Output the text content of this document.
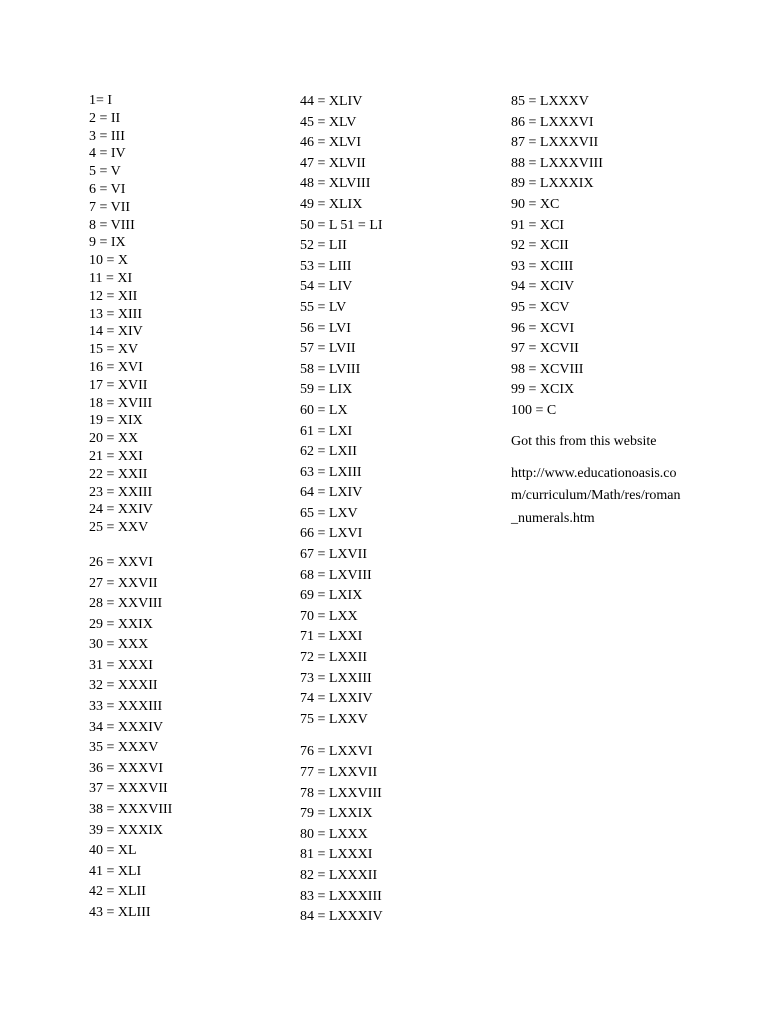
1= I
2 = II
3 = III
4 = IV
5 = V
6 = VI
7 = VII
8 = VIII
9 = IX
10 = X
11 = XI
12 = XII
13 = XIII
14 = XIV
15 = XV
16 = XVI
17 = XVII
18 = XVIII
19 = XIX
20 = XX
21 = XXI
22 = XXII
23 = XXIII
24 = XXIV
25 = XXV
26 = XXVI
27 = XXVII
28 = XXVIII
29 = XXIX
30 = XXX
31 = XXXI
32 = XXXII
33 = XXXIII
34 = XXXIV
35 = XXXV
36 = XXXVI
37 = XXXVII
38 = XXXVIII
39 = XXXIX
40 = XL
41 = XLI
42 = XLII
43 = XLIII
44 = XLIV
45 = XLV
46 = XLVI
47 = XLVII
48 = XLVIII
49 = XLIX
50 = L 51 = LI
52 = LII
53 = LIII
54 = LIV
55 = LV
56 = LVI
57 = LVII
58 = LVIII
59 = LIX
60 = LX
61 = LXI
62 = LXII
63 = LXIII
64 = LXIV
65 = LXV
66 = LXVI
67 = LXVII
68 = LXVIII
69 = LXIX
70 = LXX
71 = LXXI
72 = LXXII
73 = LXXIII
74 = LXXIV
75 = LXXV
76 = LXXVI
77 = LXXVII
78 = LXXVIII
79 = LXXIX
80 = LXXX
81 = LXXXI
82 = LXXXII
83 = LXXXIII
84 = LXXXIV
85 = LXXXV
86 = LXXXVI
87 = LXXXVII
88 = LXXXVIII
89 = LXXXIX
90 = XC
91 = XCI
92 = XCII
93 = XCIII
94 = XCIV
95 = XCV
96 = XCVI
97 = XCVII
98 = XCVIII
99 = XCIX
100 = C
Got this from this website
http://www.educationoasis.com/curriculum/Math/res/roman_numerals.htm
